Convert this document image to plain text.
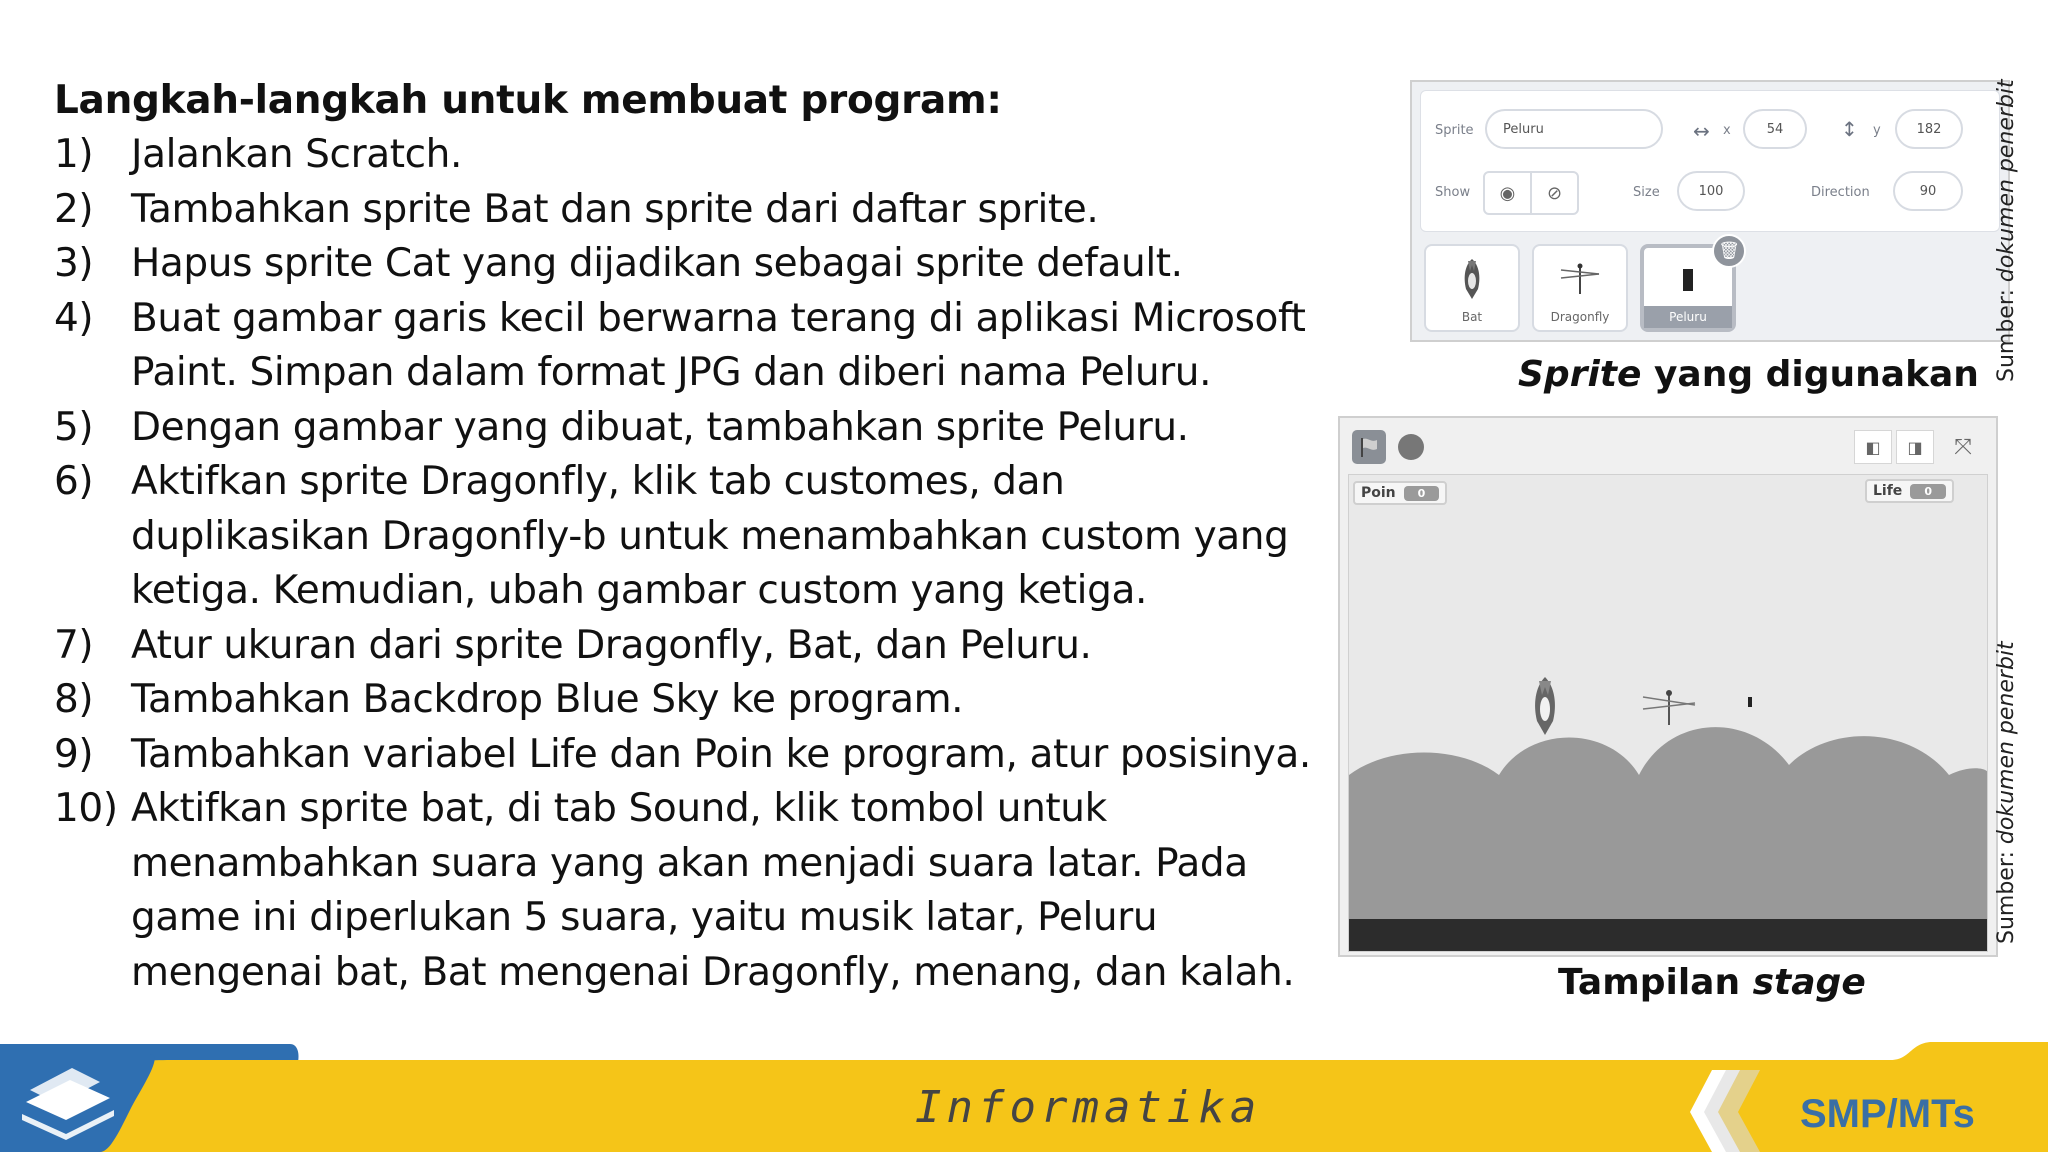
Langkah-langkah untuk membuat program:
1) Jalankan Scratch.
2) Tambahkan sprite Bat dan sprite dari daftar sprite.
3) Hapus sprite Cat yang dijadikan sebagai sprite default.
4) Buat gambar garis kecil berwarna terang di aplikasi Microsoft Paint. Simpan dalam format JPG dan diberi nama Peluru.
5) Dengan gambar yang dibuat, tambahkan sprite Peluru.
6) Aktifkan sprite Dragonfly, klik tab customes, dan duplikasikan Dragonfly-b untuk menambahkan custom yang ketiga. Kemudian, ubah gambar custom yang ketiga.
7) Atur ukuran dari sprite Dragonfly, Bat, dan Peluru.
8) Tambahkan Backdrop Blue Sky ke program.
9) Tambahkan variabel Life dan Poin ke program, atur posisinya.
10) Aktifkan sprite bat, di tab Sound, klik tombol untuk menambahkan suara yang akan menjadi suara latar. Pada game ini diperlukan 5 suara, yaitu musik latar, Peluru mengenai bat, Bat mengenai Dragonfly, menang, dan kalah.
Sprite	Peluru	↔ x	54	↕ y	182
Show	◉	⊘	Size	100	Direction	90
Bat	Dragonfly	Peluru
🗑
Sprite yang digunakan Sumber: dokumen penerbit
◧	◨	⤧
Poin	0	Life	0
Tampilan stage
Sumber: dokumen penerbit
Informatika	SMP/MTs
